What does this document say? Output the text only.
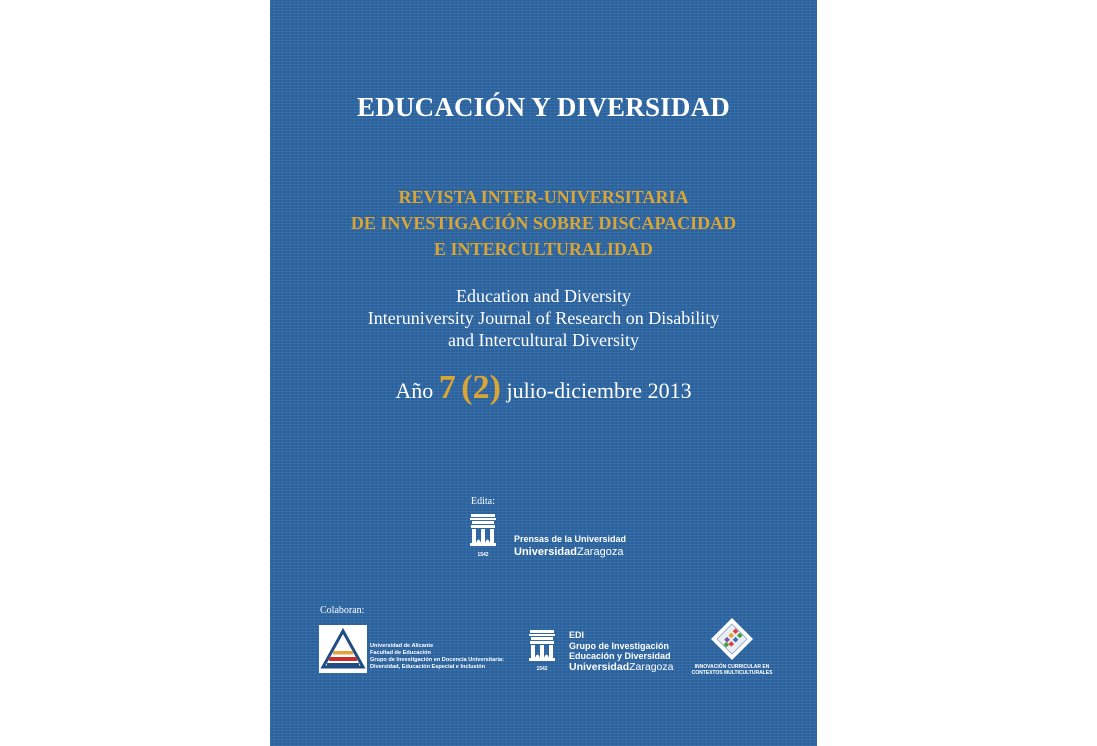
EDUCACIÓN Y DIVERSIDAD
REVISTA INTER-UNIVERSITARIA
DE INVESTIGACIÓN SOBRE DISCAPACIDAD
E INTERCULTURALIDAD
Education and Diversity
Interuniversity Journal of Research on Disability
and Intercultural Diversity
Año 7 (2) julio-diciembre 2013
Edita:
1542
Prensas de la Universidad
UniversidadZaragoza
Colaboran:
Universidad de Alicante
Facultad de Educación
Grupo de Investigación en Docencia Universitaria:
Diversidad, Educación Especial e Inclusión	1542
EDI
Grupo de Investigación
Educación y Diversidad
UniversidadZaragoza	INNOVACIÓN CURRICULAR EN
CONTEXTOS MULTICULTURALES
